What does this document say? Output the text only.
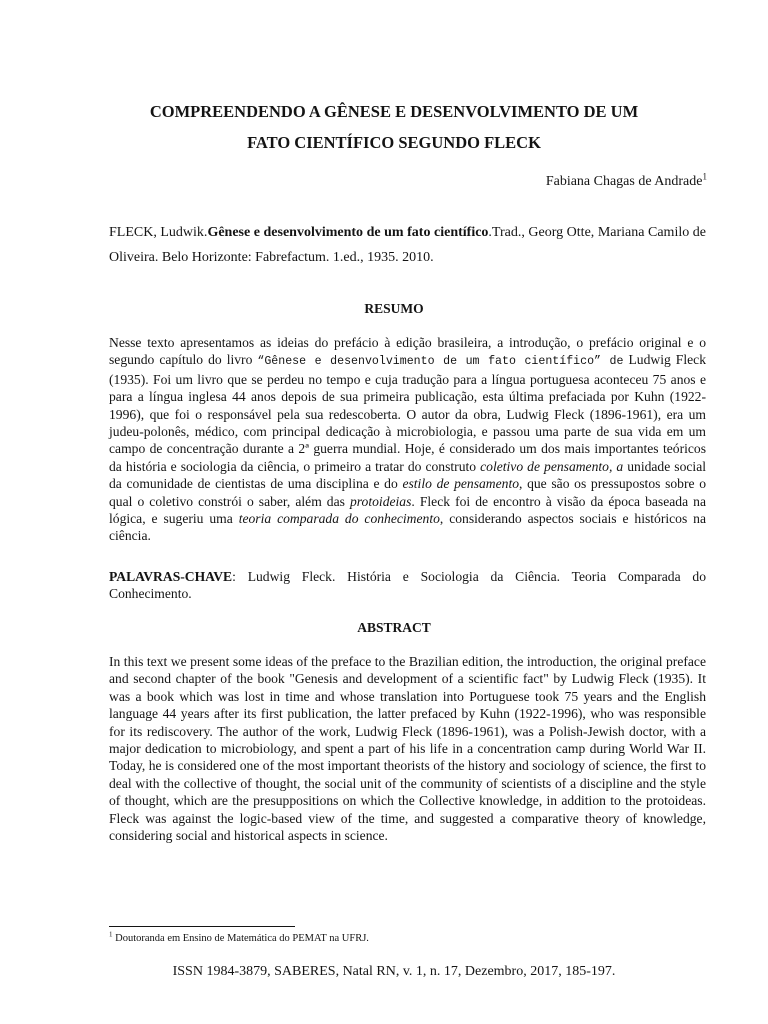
COMPREENDENDO A GÊNESE E DESENVOLVIMENTO DE UM
FATO CIENTÍFICO SEGUNDO FLECK
Fabiana Chagas de Andrade$^1$

FLECK, Ludwik.Gênese e desenvolvimento de um fato científico.Trad., Georg Otte, Mariana Camilo de Oliveira. Belo Horizonte: Fabrefactum. 1.ed., 1935. 2010.

RESUMO

Nesse texto apresentamos as ideias do prefácio à edição brasileira, a introdução, o prefácio original e o segundo capítulo do livro “Gênese e desenvolvimento de um fato científico” de Ludwig Fleck (1935). Foi um livro que se perdeu no tempo e cuja tradução para a língua portuguesa aconteceu 75 anos e para a língua inglesa 44 anos depois de sua primeira publicação, esta última prefaciada por Kuhn (1922-1996), que foi o responsável pela sua redescoberta. O autor da obra, Ludwig Fleck (1896-1961), era um judeu-polonês, médico, com principal dedicação à microbiologia, e passou uma parte de sua vida em um campo de concentração durante a 2ª guerra mundial. Hoje, é considerado um dos mais importantes teóricos da história e sociologia da ciência, o primeiro a tratar do construto coletivo de pensamento, a unidade social da comunidade de cientistas de uma disciplina e do estilo de pensamento, que são os pressupostos sobre o qual o coletivo constrói o saber, além das protoideias. Fleck foi de encontro à visão da época baseada na lógica, e sugeriu uma teoria comparada do conhecimento, considerando aspectos sociais e históricos na ciência.

PALAVRAS-CHAVE: Ludwig Fleck. História e Sociologia da Ciência. Teoria Comparada do Conhecimento.

ABSTRACT

In this text we present some ideas of the preface to the Brazilian edition, the introduction, the original preface and second chapter of the book "Genesis and development of a scientific fact" by Ludwig Fleck (1935). It was a book which was lost in time and whose translation into Portuguese took 75 years and the English language 44 years after its first publication, the latter prefaced by Kuhn (1922-1996), who was responsible for its rediscovery. The author of the work, Ludwig Fleck (1896-1961), was a Polish-Jewish doctor, with a major dedication to microbiology, and spent a part of his life in a concentration camp during World War II. Today, he is considered one of the most important theorists of the history and sociology of science, the first to deal with the collective of thought, the social unit of the community of scientists of a discipline and the style of thought, which are the presuppositions on which the Collective knowledge, in addition to the protoideas. Fleck was against the logic-based view of the time, and suggested a comparative theory of knowledge, considering social and historical aspects in science.

$^1$ Doutoranda em Ensino de Matemática do PEMAT na UFRJ.

ISSN 1984-3879, SABERES, Natal RN, v. 1, n. 17, Dezembro, 2017, 185-197.
